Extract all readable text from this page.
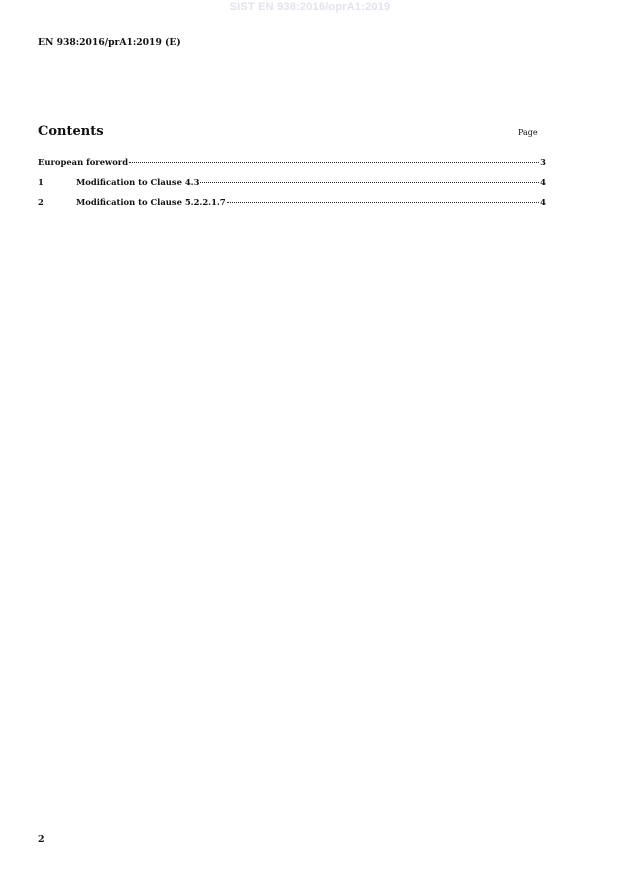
SIST EN 938:2016/oprA1:2019
EN 938:2016/prA1:2019 (E)
Contents	Page
European foreword	3
1	Modification to Clause 4.3	4
2	Modification to Clause 5.2.2.1.7	4
2
